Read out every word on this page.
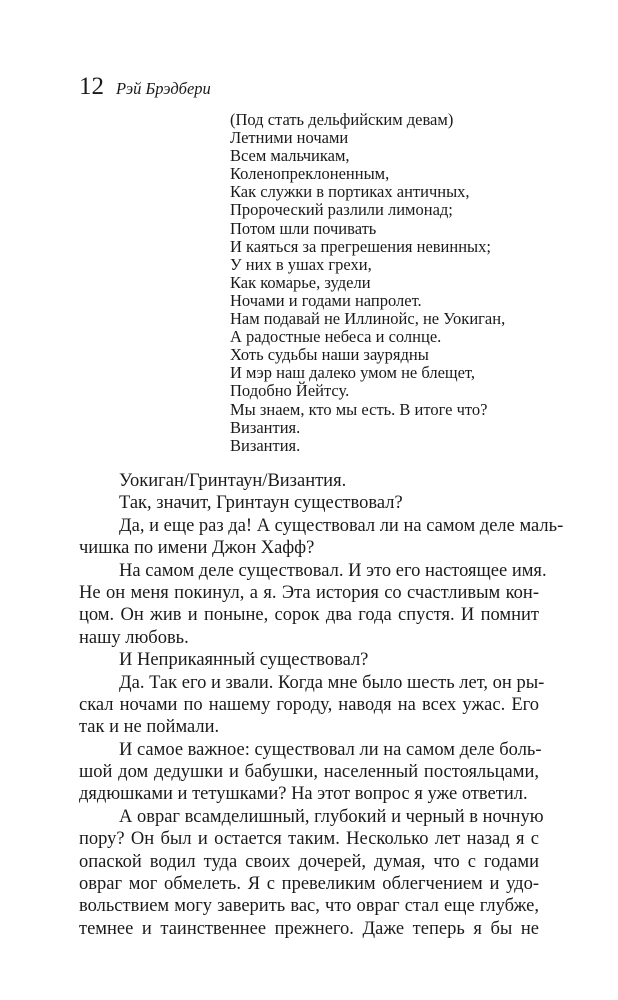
12 Рэй Брэдбери
(Под стать дельфийским девам)
Летними ночами
Всем мальчикам,
Коленопреклоненным,
Как служки в портиках античных,
Пророческий разлили лимонад;
Потом шли почивать
И каяться за прегрешения невинных;
У них в ушах грехи,
Как комарье, зудели
Ночами и годами напролет.
Нам подавай не Иллинойс, не Уокиган,
А радостные небеса и солнце.
Хоть судьбы наши заурядны
И мэр наш далеко умом не блещет,
Подобно Йейтсу.
Мы знаем, кто мы есть. В итоге что?
Византия.
Византия.
Уокиган/Гринтаун/Византия.
Так, значит, Гринтаун существовал?
Да, и еще раз да! А существовал ли на самом деле маль-
чишка по имени Джон Хафф?
На самом деле существовал. И это его настоящее имя.
Не он меня покинул, а я. Эта история со счастливым кон-
цом. Он жив и поныне, сорок два года спустя. И помнит
нашу любовь.
И Неприкаянный существовал?
Да. Так его и звали. Когда мне было шесть лет, он ры-
скал ночами по нашему городу, наводя на всех ужас. Его
так и не поймали.
И самое важное: существовал ли на самом деле боль-
шой дом дедушки и бабушки, населенный постояльцами,
дядюшками и тетушками? На этот вопрос я уже ответил.
А овраг всамделишный, глубокий и черный в ночную
пору? Он был и остается таким. Несколько лет назад я с
опаской водил туда своих дочерей, думая, что с годами
овраг мог обмелеть. Я с превеликим облегчением и удо-
вольствием могу заверить вас, что овраг стал еще глубже,
темнее и таинственнее прежнего. Даже теперь я бы не
